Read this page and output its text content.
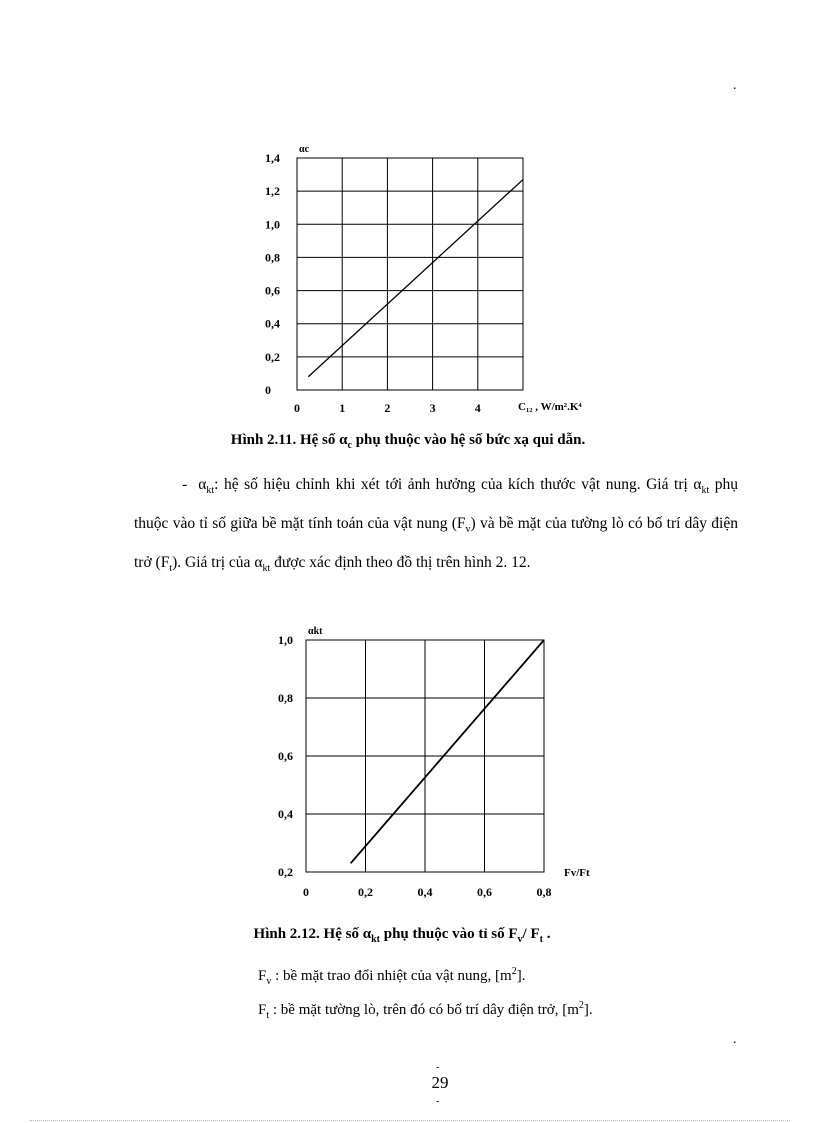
.
0
0,2
0,4
0,6
0,8
1,0
1,2
1,4
0	1	2	3	4
αc
C₁₂ , W/m².K⁴
Hình 2.11. Hệ số $\alpha_c$ phụ thuộc vào hệ số bức xạ qui dẫn.
- $\alpha_{kt}$: hệ số hiệu chỉnh khi xét tới ảnh hưởng của kích thước vật nung. Giá trị $\alpha_{kt}$ phụ thuộc vào tỉ số giữa bề mặt tính toán của vật nung $(F_v)$ và bề mặt của tường lò có bố trí dây điện trở $(F_t)$. Giá trị của $\alpha_{kt}$ được xác định theo đồ thị trên hình 2. 12.
0,2
0,4
0,6
0,8
1,0
0	0,2	0,4	0,6	0,8
αkt
Fv/Ft
Hình 2.12. Hệ số $\alpha_{kt}$ phụ thuộc vào tỉ số $F_v/$ $F_t$ .
$F_v$ : bề mặt trao đổi nhiệt của vật nung, $[m^2]$.
$F_t$ : bề mặt tường lò, trên đó có bố trí dây điện trở, $[m^2]$.
.
-
29
-
